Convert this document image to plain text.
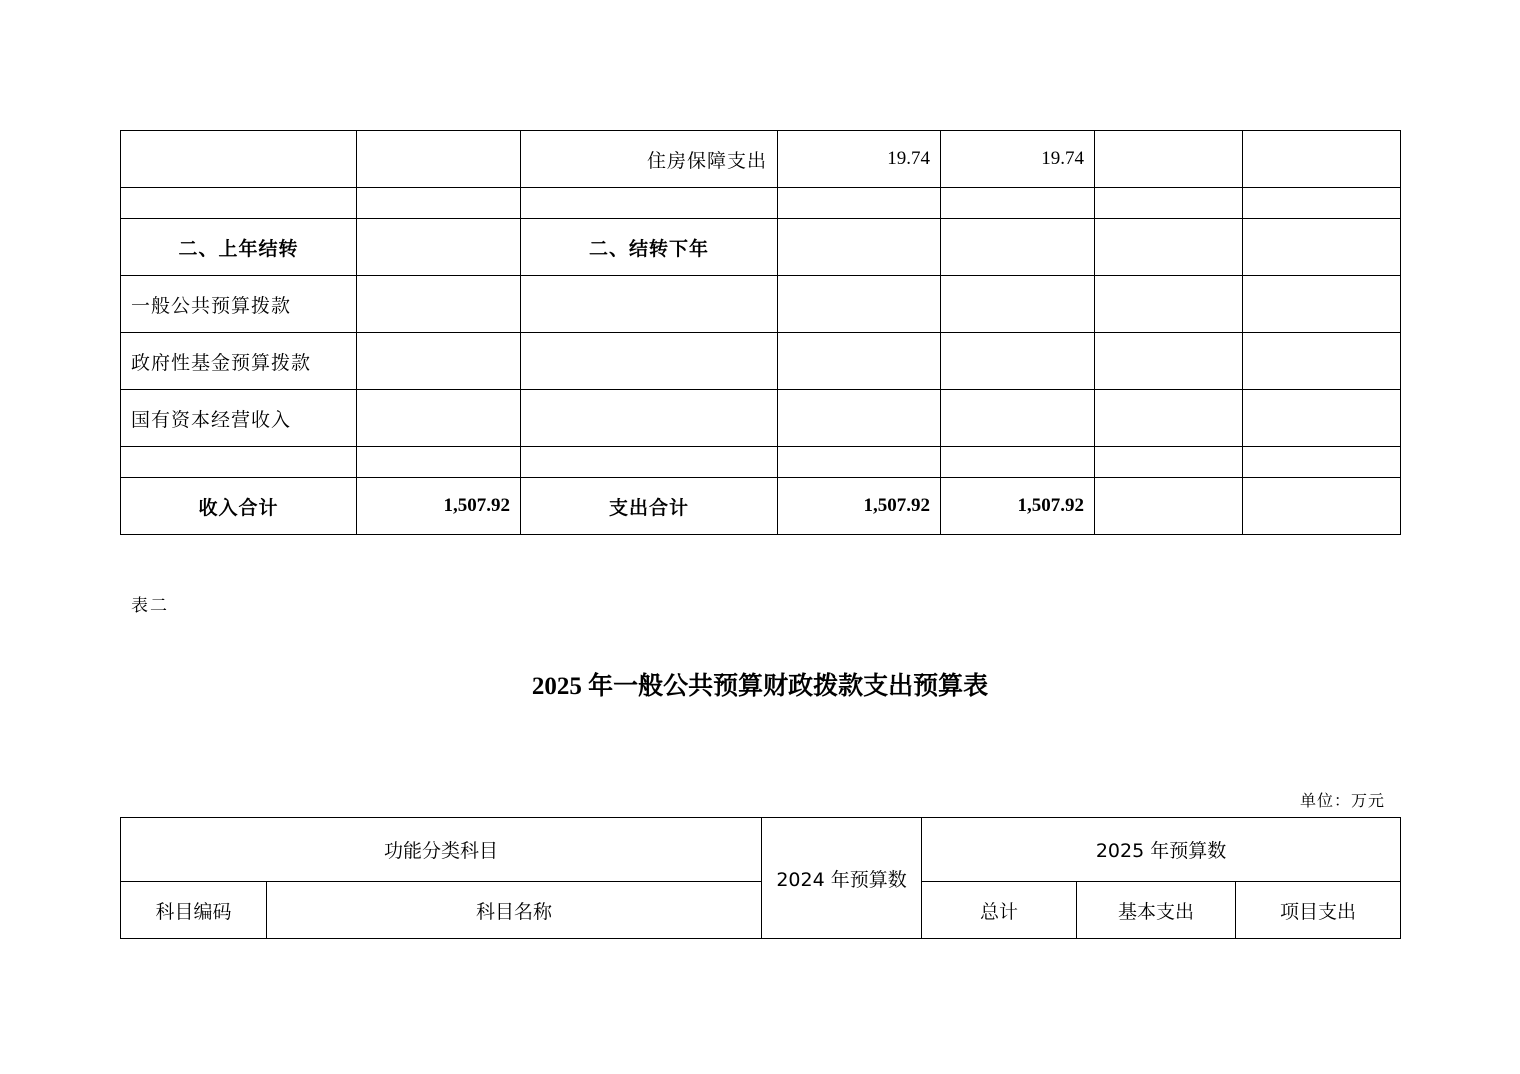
		住房保障支出	19.74	19.74		

二、上年结转		二、结转下年				
一般公共预算拨款						
政府性基金预算拨款						
国有资本经营收入						

收入合计	1,507.92	支出合计	1,507.92	1,507.92		
表二
2025 年一般公共预算财政拨款支出预算表
单位：万元
功能分类科目		2024 年预算数	2025 年预算数		
科目编码	科目名称		总计	基本支出	项目支出
